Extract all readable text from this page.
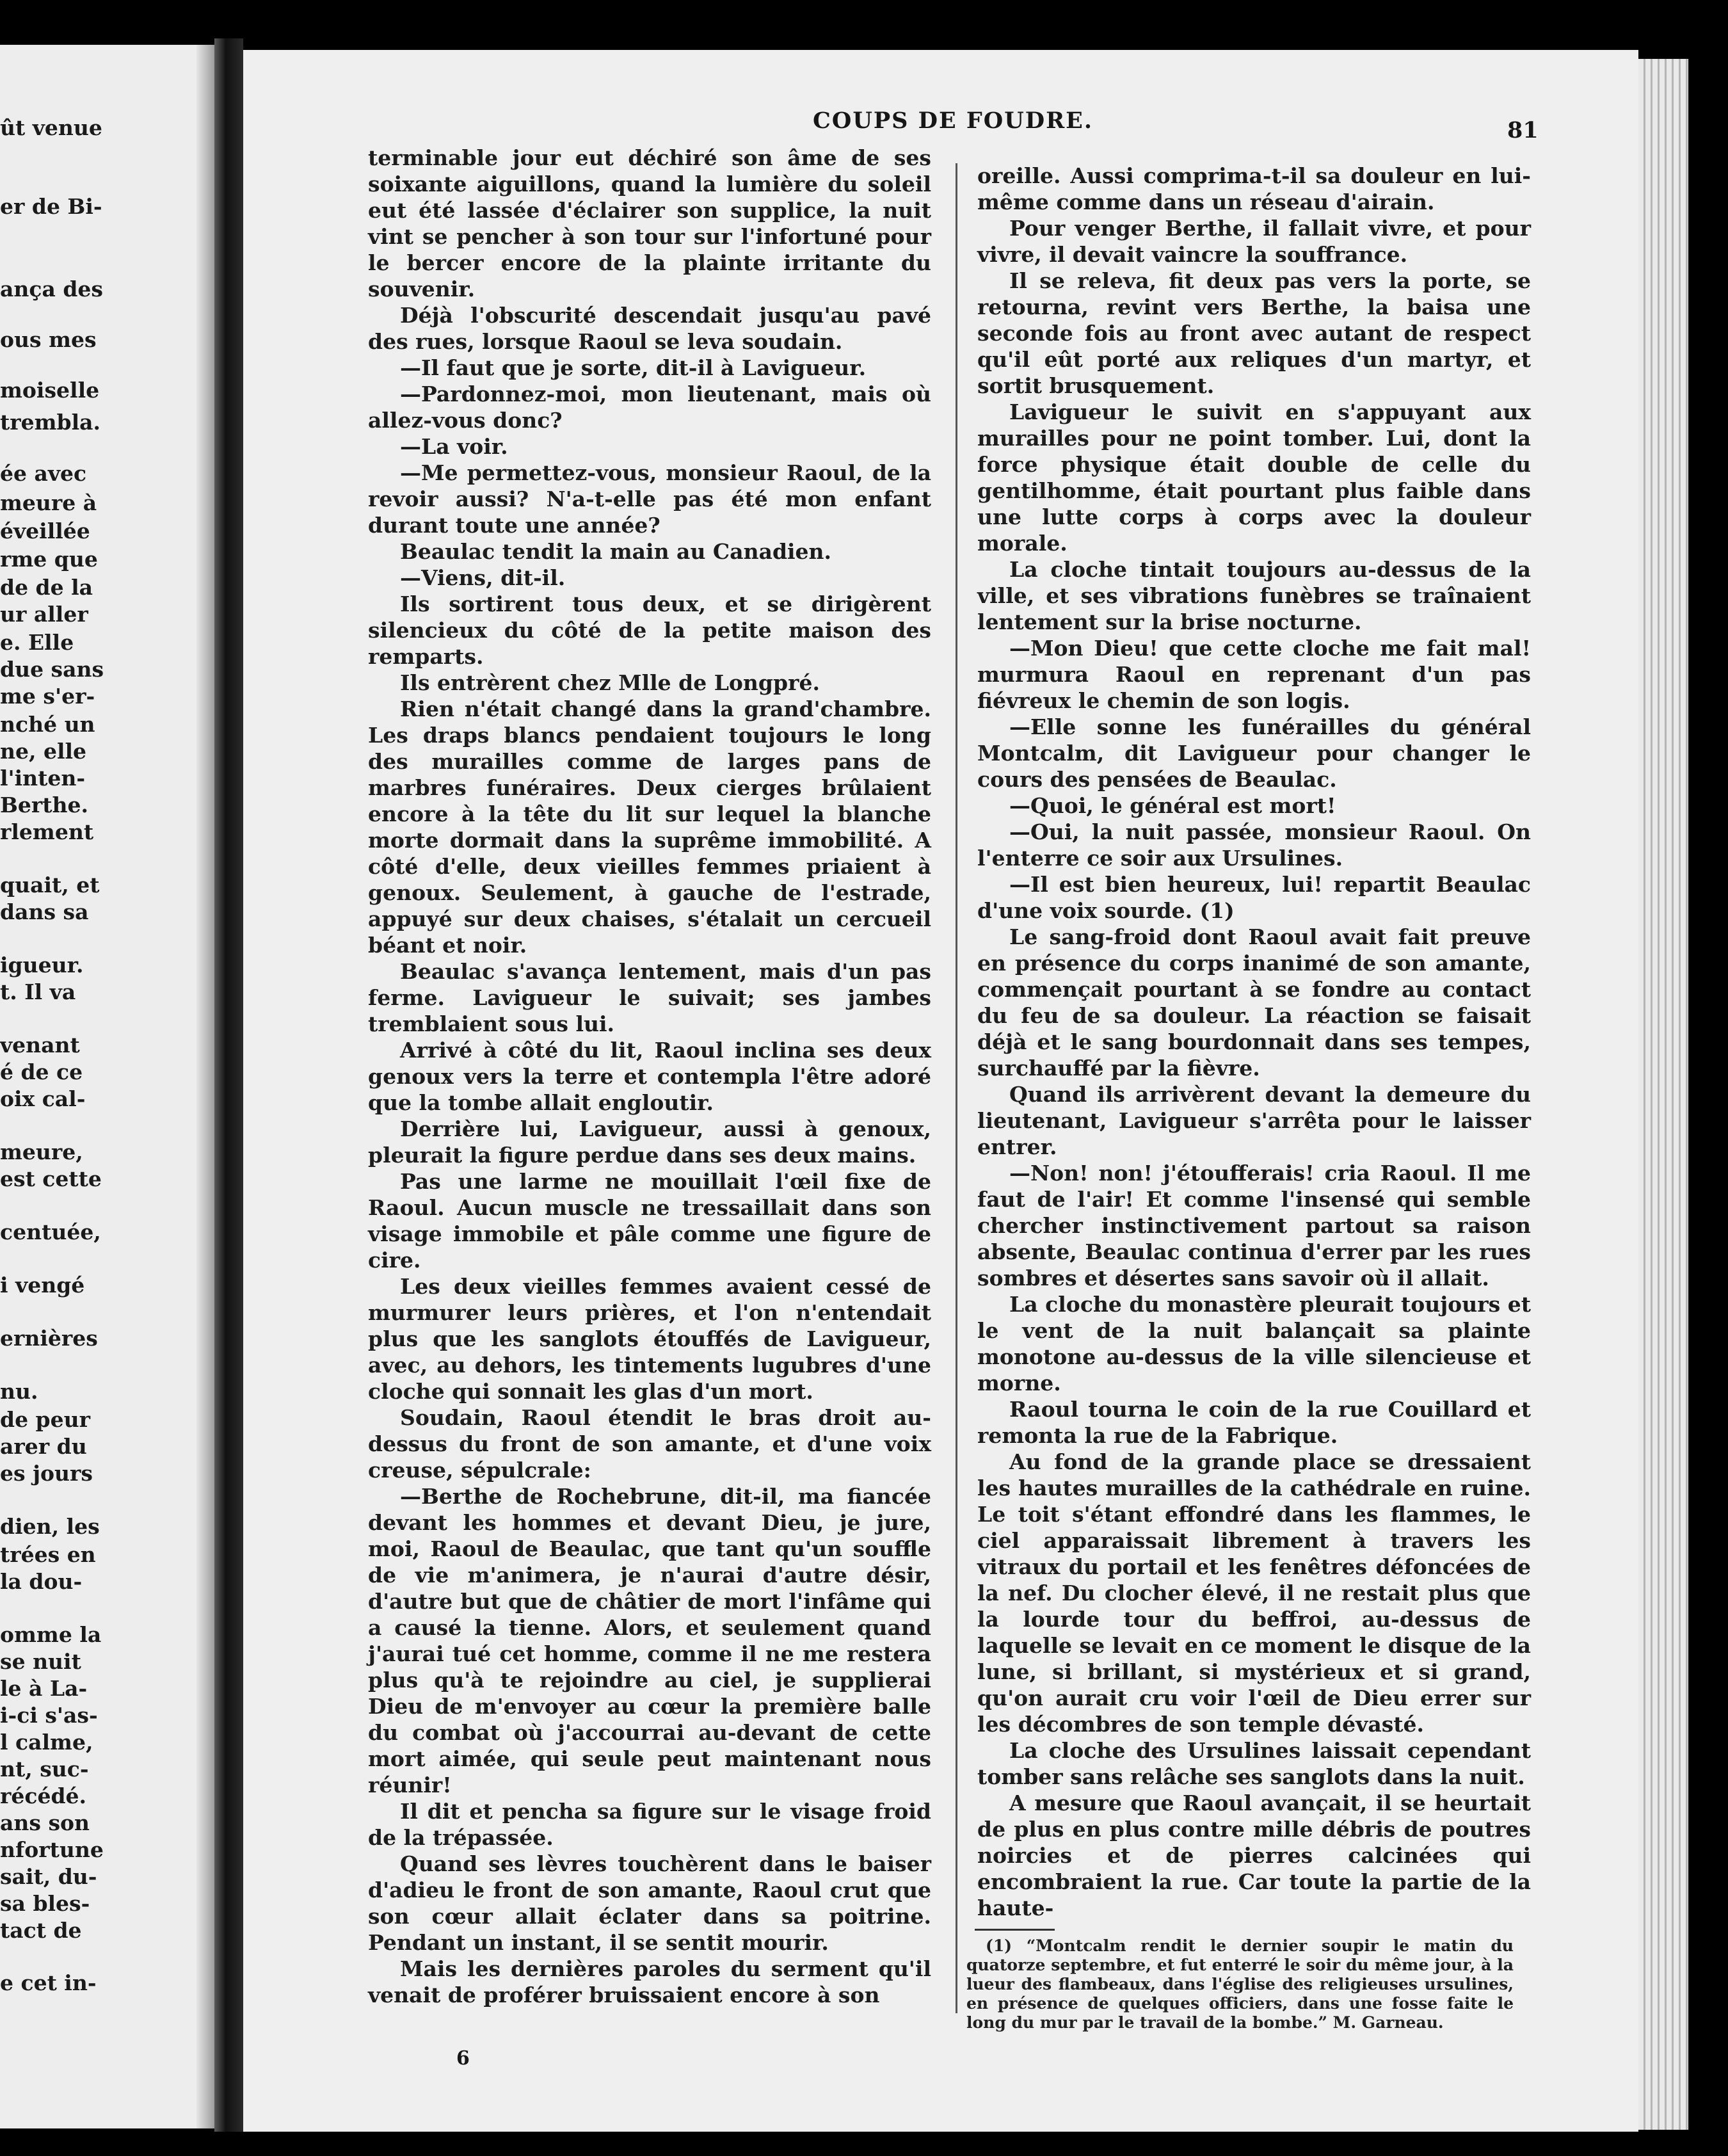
ût venue
er de Bi-
ança des
ous mes
moiselle
trembla.
ée avec
meure à
éveillée
rme que
de de la
ur aller
e. Elle
due sans
me s'er-
nché un
ne, elle
l'inten-
Berthe.
rlement
quait, et
dans sa
igueur.
t. Il va
venant
é de ce
oix cal-
meure,
est cette
centuée,
i vengé
ernières
nu.
de peur
arer du
es jours
dien, les
trées en
la dou-
omme la
se nuit
le à La-
i-ci s'as-
l calme,
nt, suc-
récédé.
ans son
nfortune
sait, du-
sa bles-
tact de
e cet in-
COUPS DE FOUDRE.	81

terminable jour eut déchiré son âme de ses soixante aiguillons, quand la lumière du soleil eut été lassée d'éclairer son supplice, la nuit vint se pencher à son tour sur l'infortuné pour le bercer encore de la plainte irritante du souvenir.

Déjà l'obscurité descendait jusqu'au pavé des rues, lorsque Raoul se leva soudain.

—Il faut que je sorte, dit-il à Lavigueur.

—Pardonnez-moi, mon lieutenant, mais où allez-vous donc?

—La voir.

—Me permettez-vous, monsieur Raoul, de la revoir aussi? N'a-t-elle pas été mon enfant durant toute une année?

Beaulac tendit la main au Canadien.

—Viens, dit-il.

Ils sortirent tous deux, et se dirigèrent silencieux du côté de la petite maison des remparts.

Ils entrèrent chez Mlle de Longpré.

Rien n'était changé dans la grand'chambre. Les draps blancs pendaient toujours le long des murailles comme de larges pans de marbres funéraires. Deux cierges brûlaient encore à la tête du lit sur lequel la blanche morte dormait dans la suprême immobilité. A côté d'elle, deux vieilles femmes priaient à genoux. Seulement, à gauche de l'estrade, appuyé sur deux chaises, s'étalait un cercueil béant et noir.

Beaulac s'avança lentement, mais d'un pas ferme. Lavigueur le suivait; ses jambes tremblaient sous lui.

Arrivé à côté du lit, Raoul inclina ses deux genoux vers la terre et contempla l'être adoré que la tombe allait engloutir.

Derrière lui, Lavigueur, aussi à genoux, pleurait la figure perdue dans ses deux mains.

Pas une larme ne mouillait l'œil fixe de Raoul. Aucun muscle ne tressaillait dans son visage immobile et pâle comme une figure de cire.

Les deux vieilles femmes avaient cessé de murmurer leurs prières, et l'on n'entendait plus que les sanglots étouffés de Lavigueur, avec, au dehors, les tintements lugubres d'une cloche qui sonnait les glas d'un mort.

Soudain, Raoul étendit le bras droit au-dessus du front de son amante, et d'une voix creuse, sépulcrale:

—Berthe de Rochebrune, dit-il, ma fiancée devant les hommes et devant Dieu, je jure, moi, Raoul de Beaulac, que tant qu'un souffle de vie m'animera, je n'aurai d'autre désir, d'autre but que de châtier de mort l'infâme qui a causé la tienne. Alors, et seulement quand j'aurai tué cet homme, comme il ne me restera plus qu'à te rejoindre au ciel, je supplierai Dieu de m'envoyer au cœur la première balle du combat où j'accourrai au-devant de cette mort aimée, qui seule peut maintenant nous réunir!

Il dit et pencha sa figure sur le visage froid de la trépassée.

Quand ses lèvres touchèrent dans le baiser d'adieu le front de son amante, Raoul crut que son cœur allait éclater dans sa poitrine. Pendant un instant, il se sentit mourir.

Mais les dernières paroles du serment qu'il venait de proférer bruissaient encore à son

oreille. Aussi comprima-t-il sa douleur en lui-même comme dans un réseau d'airain.

Pour venger Berthe, il fallait vivre, et pour vivre, il devait vaincre la souffrance.

Il se releva, fit deux pas vers la porte, se retourna, revint vers Berthe, la baisa une seconde fois au front avec autant de respect qu'il eût porté aux reliques d'un martyr, et sortit brusquement.

Lavigueur le suivit en s'appuyant aux murailles pour ne point tomber. Lui, dont la force physique était double de celle du gentilhomme, était pourtant plus faible dans une lutte corps à corps avec la douleur morale.

La cloche tintait toujours au-dessus de la ville, et ses vibrations funèbres se traînaient lentement sur la brise nocturne.

—Mon Dieu! que cette cloche me fait mal! murmura Raoul en reprenant d'un pas fiévreux le chemin de son logis.

—Elle sonne les funérailles du général Montcalm, dit Lavigueur pour changer le cours des pensées de Beaulac.

—Quoi, le général est mort!

—Oui, la nuit passée, monsieur Raoul. On l'enterre ce soir aux Ursulines.

—Il est bien heureux, lui! repartit Beaulac d'une voix sourde. (1)

Le sang-froid dont Raoul avait fait preuve en présence du corps inanimé de son amante, commençait pourtant à se fondre au contact du feu de sa douleur. La réaction se faisait déjà et le sang bourdonnait dans ses tempes, surchauffé par la fièvre.

Quand ils arrivèrent devant la demeure du lieutenant, Lavigueur s'arrêta pour le laisser entrer.

—Non! non! j'étoufferais! cria Raoul. Il me faut de l'air! Et comme l'insensé qui semble chercher instinctivement partout sa raison absente, Beaulac continua d'errer par les rues sombres et désertes sans savoir où il allait.

La cloche du monastère pleurait toujours et le vent de la nuit balançait sa plainte monotone au-dessus de la ville silencieuse et morne.

Raoul tourna le coin de la rue Couillard et remonta la rue de la Fabrique.

Au fond de la grande place se dressaient les hautes murailles de la cathédrale en ruine. Le toit s'étant effondré dans les flammes, le ciel apparaissait librement à travers les vitraux du portail et les fenêtres défoncées de la nef. Du clocher élevé, il ne restait plus que la lourde tour du beffroi, au-dessus de laquelle se levait en ce moment le disque de la lune, si brillant, si mystérieux et si grand, qu'on aurait cru voir l'œil de Dieu errer sur les décombres de son temple dévasté.

La cloche des Ursulines laissait cependant tomber sans relâche ses sanglots dans la nuit.

A mesure que Raoul avançait, il se heurtait de plus en plus contre mille débris de poutres noircies et de pierres calcinées qui encombraient la rue. Car toute la partie de la haute-

6

(1) “Montcalm rendit le dernier soupir le matin du quatorze septembre, et fut enterré le soir du même jour, à la lueur des flambeaux, dans l'église des religieuses ursulines, en présence de quelques officiers, dans une fosse faite le long du mur par le travail de la bombe.” M. Garneau.
